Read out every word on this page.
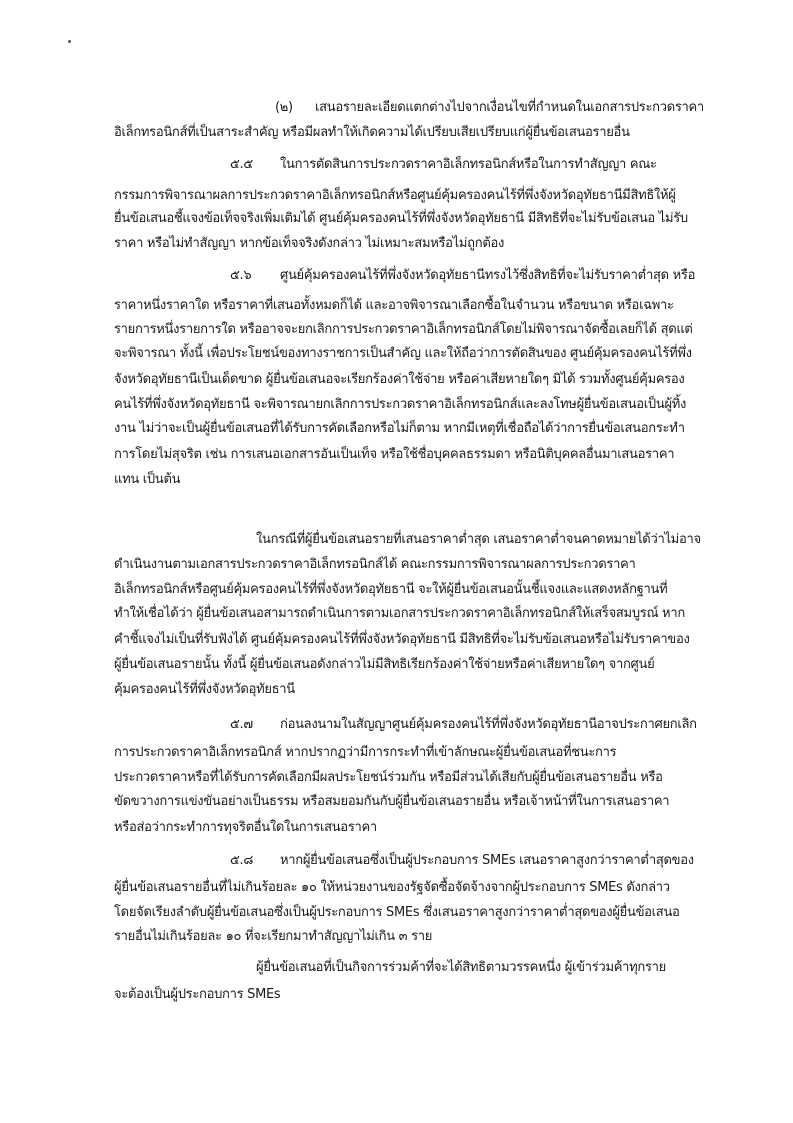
(๒) เสนอรายละเอียดแตกต่างไปจากเงื่อนไขที่กำหนดในเอกสารประกวดราคา

อิเล็กทรอนิกส์ที่เป็นสาระสำคัญ หรือมีผลทำให้เกิดความได้เปรียบเสียเปรียบแก่ผู้ยื่นข้อเสนอรายอื่น

๕.๕ ในการตัดสินการประกวดราคาอิเล็กทรอนิกส์หรือในการทำสัญญา คณะ

กรรมการพิจารณาผลการประกวดราคาอิเล็กทรอนิกส์หรือศูนย์คุ้มครองคนไร้ที่พึ่งจังหวัดอุทัยธานีมีสิทธิให้ผู้

ยื่นข้อเสนอชี้แจงข้อเท็จจริงเพิ่มเติมได้ ศูนย์คุ้มครองคนไร้ที่พึ่งจังหวัดอุทัยธานี มีสิทธิที่จะไม่รับข้อเสนอ ไม่รับ

ราคา หรือไม่ทำสัญญา หากข้อเท็จจริงดังกล่าว ไม่เหมาะสมหรือไม่ถูกต้อง

๕.๖ ศูนย์คุ้มครองคนไร้ที่พึ่งจังหวัดอุทัยธานีทรงไว้ซึ่งสิทธิที่จะไม่รับราคาต่ำสุด หรือ

ราคาหนึ่งราคาใด หรือราคาที่เสนอทั้งหมดก็ได้ และอาจพิจารณาเลือกซื้อในจำนวน หรือขนาด หรือเฉพาะ

รายการหนึ่งรายการใด หรืออาจจะยกเลิกการประกวดราคาอิเล็กทรอนิกส์โดยไม่พิจารณาจัดซื้อเลยก็ได้ สุดแต่

จะพิจารณา ทั้งนี้ เพื่อประโยชน์ของทางราชการเป็นสำคัญ และให้ถือว่าการตัดสินของ ศูนย์คุ้มครองคนไร้ที่พึ่ง

จังหวัดอุทัยธานีเป็นเด็ดขาด ผู้ยื่นข้อเสนอจะเรียกร้องค่าใช้จ่าย หรือค่าเสียหายใดๆ มิได้ รวมทั้งศูนย์คุ้มครอง

คนไร้ที่พึ่งจังหวัดอุทัยธานี จะพิจารณายกเลิกการประกวดราคาอิเล็กทรอนิกส์และลงโทษผู้ยื่นข้อเสนอเป็นผู้ทิ้ง

งาน ไม่ว่าจะเป็นผู้ยื่นข้อเสนอที่ได้รับการคัดเลือกหรือไม่ก็ตาม หากมีเหตุที่เชื่อถือได้ว่าการยื่นข้อเสนอกระทำ

การโดยไม่สุจริต เช่น การเสนอเอกสารอันเป็นเท็จ หรือใช้ชื่อบุคคลธรรมดา หรือนิติบุคคลอื่นมาเสนอราคา

แทน เป็นต้น

ในกรณีที่ผู้ยื่นข้อเสนอรายที่เสนอราคาต่ำสุด เสนอราคาต่ำจนคาดหมายได้ว่าไม่อาจ

ดำเนินงานตามเอกสารประกวดราคาอิเล็กทรอนิกส์ได้ คณะกรรมการพิจารณาผลการประกวดราคา

อิเล็กทรอนิกส์หรือศูนย์คุ้มครองคนไร้ที่พึ่งจังหวัดอุทัยธานี จะให้ผู้ยื่นข้อเสนอนั้นชี้แจงและแสดงหลักฐานที่

ทำให้เชื่อได้ว่า ผู้ยื่นข้อเสนอสามารถดำเนินการตามเอกสารประกวดราคาอิเล็กทรอนิกส์ให้เสร็จสมบูรณ์ หาก

คำชี้แจงไม่เป็นที่รับฟังได้ ศูนย์คุ้มครองคนไร้ที่พึ่งจังหวัดอุทัยธานี มีสิทธิที่จะไม่รับข้อเสนอหรือไม่รับราคาของ

ผู้ยื่นข้อเสนอรายนั้น ทั้งนี้ ผู้ยื่นข้อเสนอดังกล่าวไม่มีสิทธิเรียกร้องค่าใช้จ่ายหรือค่าเสียหายใดๆ จากศูนย์

คุ้มครองคนไร้ที่พึ่งจังหวัดอุทัยธานี

๕.๗ ก่อนลงนามในสัญญาศูนย์คุ้มครองคนไร้ที่พึ่งจังหวัดอุทัยธานีอาจประกาศยกเลิก

การประกวดราคาอิเล็กทรอนิกส์ หากปรากฏว่ามีการกระทำที่เข้าลักษณะผู้ยื่นข้อเสนอที่ชนะการ

ประกวดราคาหรือที่ได้รับการคัดเลือกมีผลประโยชน์ร่วมกัน หรือมีส่วนได้เสียกับผู้ยื่นข้อเสนอรายอื่น หรือ

ขัดขวางการแข่งขันอย่างเป็นธรรม หรือสมยอมกันกับผู้ยื่นข้อเสนอรายอื่น หรือเจ้าหน้าที่ในการเสนอราคา

หรือส่อว่ากระทำการทุจริตอื่นใดในการเสนอราคา

๕.๘ หากผู้ยื่นข้อเสนอซึ่งเป็นผู้ประกอบการ SMEs เสนอราคาสูงกว่าราคาต่ำสุดของ

ผู้ยื่นข้อเสนอรายอื่นที่ไม่เกินร้อยละ ๑๐ ให้หน่วยงานของรัฐจัดซื้อจัดจ้างจากผู้ประกอบการ SMEs ดังกล่าว

โดยจัดเรียงลำดับผู้ยื่นข้อเสนอซึ่งเป็นผู้ประกอบการ SMEs ซึ่งเสนอราคาสูงกว่าราคาต่ำสุดของผู้ยื่นข้อเสนอ

รายอื่นไม่เกินร้อยละ ๑๐ ที่จะเรียกมาทำสัญญาไม่เกิน ๓ ราย

ผู้ยื่นข้อเสนอที่เป็นกิจการร่วมค้าที่จะได้สิทธิตามวรรคหนึ่ง ผู้เข้าร่วมค้าทุกราย

จะต้องเป็นผู้ประกอบการ SMEs
